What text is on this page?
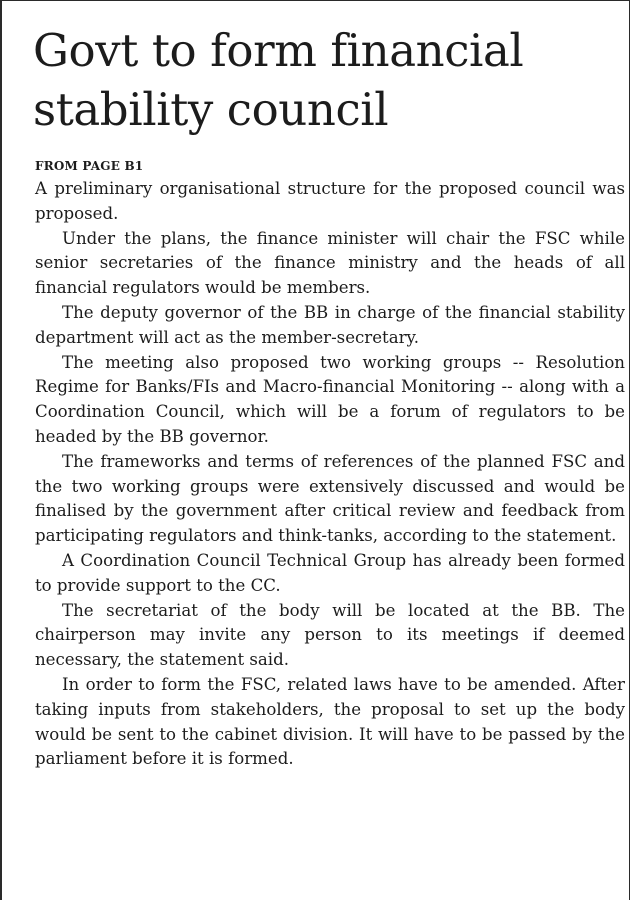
Govt to form financial
stability council
FROM PAGE B1

A preliminary organisational structure for the proposed council was proposed.

Under the plans, the finance minister will chair the FSC while senior secretaries of the finance ministry and the heads of all financial regulators would be members.

The deputy governor of the BB in charge of the financial stability department will act as the member-secretary.

The meeting also proposed two working groups -- Resolution Regime for Banks/FIs and Macro-financial Monitoring -- along with a Coordination Council, which will be a forum of regulators to be headed by the BB governor.

The frameworks and terms of references of the planned FSC and the two working groups were extensively discussed and would be finalised by the government after critical review and feedback from participating regulators and think-tanks, according to the statement.

A Coordination Council Technical Group has already been formed to provide support to the CC.

The secretariat of the body will be located at the BB. The chairperson may invite any person to its meetings if deemed necessary, the statement said.

In order to form the FSC, related laws have to be amended. After taking inputs from stakeholders, the proposal to set up the body would be sent to the cabinet division. It will have to be passed by the parliament before it is formed.
